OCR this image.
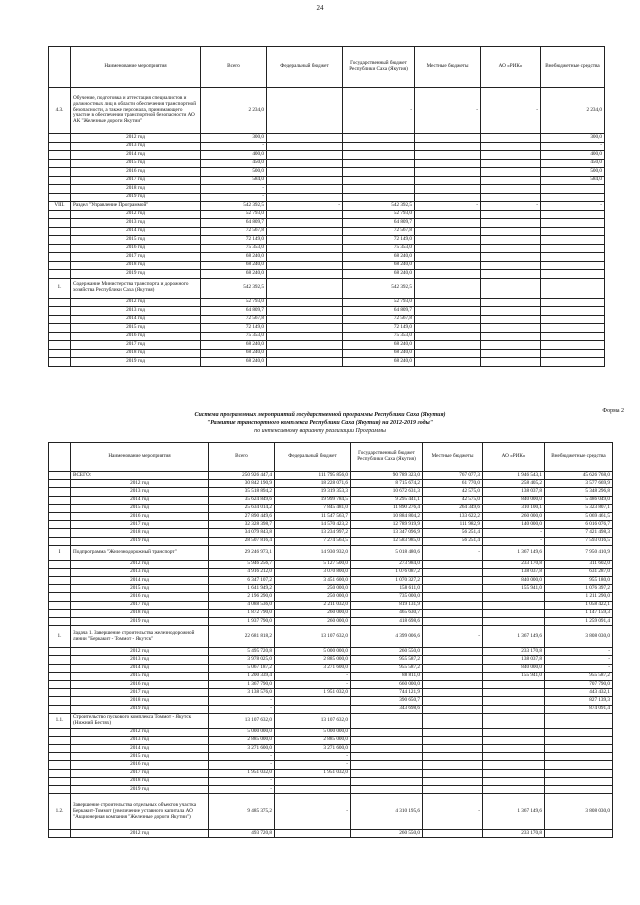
24
	Наименование мероприятия	Всего	Федеральный бюджет	Государственный бюджет Республики Саха (Якутия)	Местные бюджеты	АО «РИК»	Внебюджетные средства
4.3.	Обучение, подготовка и аттестация специалистов и должностных лиц в области обеспечения транспортной безопасности, а также персонала, принимающего участие в обеспечении транспортной безопасности АО АК "Железные дороги Якутии"	2 234,0		-	-	-	2 234,0
	2012 год	300,0					300,0
	2013 год	-					-
	2014 год	400,0					400,0
	2015 год	450,0					450,0
	2016 год	500,0					500,0
	2017 год	584,0					584,0
	2018 год	-					
	2019 год	-					
VIII.	Раздел "Управление Программой"	542 392,5	-	542 392,5	-	-	-
	2012 год	52 793,0		52 793,0			
	2013 год	64 809,7		64 809,7			
	2014 год	72 567,8		72 567,8			
	2015 год	72 149,0		72 149,0			
	2016 год	75 353,0		75 353,0			
	2017 год	68 240,0		68 240,0			
	2018 год	68 240,0		68 240,0			
	2019 год	68 240,0		68 240,0			
1.	Содержание Министерства транспорта и дорожного хозяйства Республики Саха (Якутия)	542 392,5		542 392,5			
	2012 год	52 793,0		52 793,0			
	2013 год	64 809,7		64 809,7			
	2014 год	72 567,8		72 567,8			
	2015 год	72 149,0		72 149,0			
	2016 год	75 353,0		75 353,0			
	2017 год	68 240,0		68 240,0			
	2018 год	68 240,0		68 240,0			
	2019 год	68 240,0		68 240,0			
Форма 2
Система программных мероприятий государственной программы Республики Саха (Якутия)
"Развитие транспортного комплекса Республики Саха (Якутия) на 2012-2019 годы"
по интенсивному варианту реализации Программы
	Наименование мероприятия	Всего	Федеральный бюджет	Государственный бюджет Республики Саха (Якутия)	Местные бюджеты	АО «РИК»	Внебюджетные средства
	ВСЕГО:	250 926 447,4	111 795 856,0	90 789 323,0	767 077,3	1 946 543,1	45 626 768,0
	2012 год	30 842 190,9	18 228 071,6	8 715 674,2	61 770,0	258 405,2	3 577 669,9
	2013 год	35 518 894,2	19 319 353,3	10 672 631,3	42 575,0	138 037,8	5 348 296,8
	2014 год	35 624 849,6	19 999 784,5	9 295 441,1	42 575,0	840 000,0	5 486 049,0
	2015 год	25 634 014,2	7 845 481,0	11 890 276,4	264 349,6	310 100,1	5 323 807,1
	2016 год	27 890 449,6	11 547 563,7	10 884 804,2	133 622,2	260 000,0	5 069 461,5
	2017 год	32 328 398,7	14 570 423,2	12 789 919,9	111 982,9	140 000,0	6 016 076,7
	2018 год	34 079 843,8	13 234 997,2	13 347 096,9	56 251,4	-	7 421 498,3
	2019 год	28 507 816,4	7 274 563,5	12 583 985,0	56 251,4	-	7 593 016,5
I	Подпрограмма "Железнодорожный транспорт"	29 246 973,1	14 930 932,0	5 018 480,6	-	1 367 149,6	7 950 410,9
	2012 год	5 946 256,7	5 127 500,0	273 984,0		233 170,8	311 602,0
	2013 год	4 916 212,0	3 070 800,0	1 076 087,2		138 037,8	631 287,0
	2014 год	6 347 107,2	3 451 600,0	1 070 327,2		840 000,0	955 180,0
	2015 год	1 641 949,2	250 000,0	158 611,0		155 941,0	1 076 397,2
	2016 год	2 196 290,0	250 000,0	735 000,0			1 211 290,0
	2017 год	4 088 536,0	2 211 032,0	819 131,9			1 058 422,1
	2018 год	1 872 790,0	260 000,0	465 630,7			1 147 159,3
	2019 год	1 937 790,0	260 000,0	418 698,6			1 259 091,4
1.	Задача 1. Завершение строительства железнодорожной линии "Беркакит - Томмот - Якутск"	22 681 818,2	13 107 632,0	4 399 006,6	-	1 367 149,6	3 808 030,0
	2012 год	5 495 720,8	5 000 000,0	260 550,0		233 170,8	-
	2013 год	3 978 025,0	2 885 000,0	955 587,2		138 037,8	-
	2014 год	5 067 187,2	3 271 600,0	955 587,2		840 000,0	-
	2015 год	1 200 339,4	-	88 811,0		155 941,0	955 587,2
	2016 год	1 367 790,0	-	660 000,0			707 790,0
	2017 год	3 138 576,0	1 951 032,0	744 121,9			443 432,1
	2018 год	-		390 650,7			827 139,3
	2019 год	-		343 698,6			874 091,4
1.1.	Строительство пускового комплекса Томмот - Якутск (Нижний Бестях)	13 107 632,0	13 107 632,0				
	2012 год	5 000 000,0	5 000 000,0				
	2013 год	2 885 000,0	2 885 000,0				
	2014 год	3 271 600,0	3 271 600,0				
	2015 год	-	-				
	2016 год	-	-				
	2017 год	1 951 032,0	1 951 032,0				
	2018 год	-					
	2019 год	-					
1.2.	Завершение строительства отдельных объектов участка Беркакит-Томмот (увеличение уставного капитала АО "Акционерная компания "Железные дороги Якутии")	9 485 375,2	-	4 310 195,6	-	1 367 149,6	3 808 030,0
	2012 год	493 720,8		260 550,0		233 170,8	
